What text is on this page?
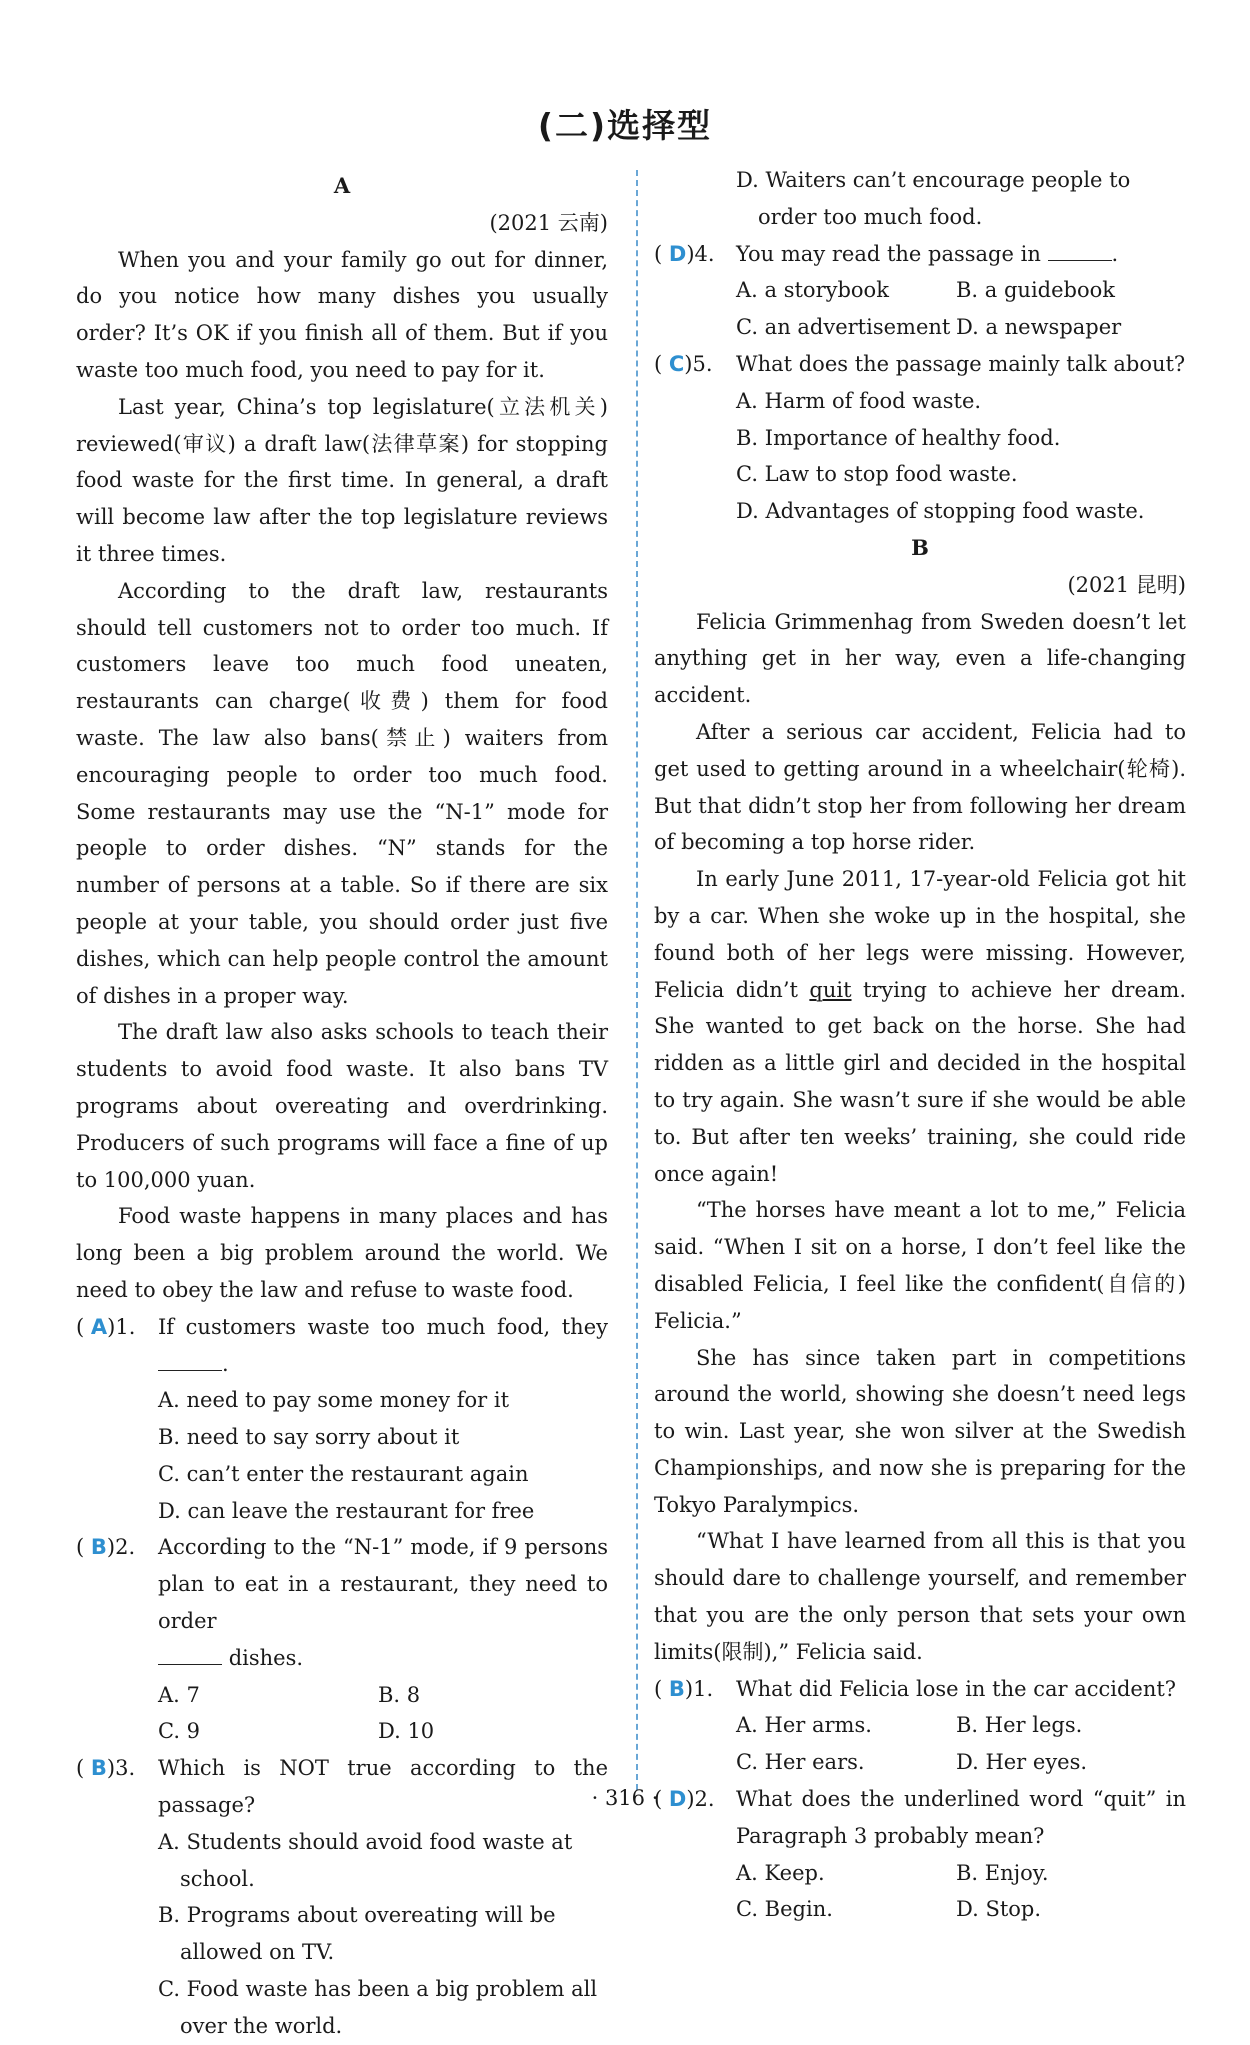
(二)选择型
A
(2021 云南)

When you and your family go out for dinner, do you notice how many dishes you usually order? It’s OK if you finish all of them. But if you waste too much food, you need to pay for it.

Last year, China’s top legislature(立法机关) reviewed(审议) a draft law(法律草案) for stopping food waste for the first time. In general, a draft will become law after the top legislature reviews it three times.

According to the draft law, restaurants should tell customers not to order too much. If customers leave too much food uneaten, restaurants can charge(收费) them for food waste. The law also bans(禁止) waiters from encouraging people to order too much food. Some restaurants may use the “N-1” mode for people to order dishes. “N” stands for the number of persons at a table. So if there are six people at your table, you should order just five dishes, which can help people control the amount of dishes in a proper way.

The draft law also asks schools to teach their students to avoid food waste. It also bans TV programs about overeating and overdrinking. Producers of such programs will face a fine of up to 100,000 yuan.

Food waste happens in many places and has long been a big problem around the world. We need to obey the law and refuse to waste food.

( A)1.	If customers waste too much food, they .
A. need to pay some money for it
B. need to say sorry about it
C. can’t enter the restaurant again
D. can leave the restaurant for free
( B)2.	According to the “N-1” mode, if 9 persons plan to eat in a restaurant, they need to order
dishes.
A. 7	B. 8
C. 9	D. 10
( B)3.	Which is NOT true according to the passage?
A. Students should avoid food waste at school.
B. Programs about overeating will be allowed on TV.
C. Food waste has been a big problem all over the world.
D. Waiters can’t encourage people to order too much food.
( D)4.	You may read the passage in	.
A. a storybook	B. a guidebook
C. an advertisement D. a newspaper
( C)5.	What does the passage mainly talk about?
A. Harm of food waste.
B. Importance of healthy food.
C. Law to stop food waste.
D. Advantages of stopping food waste.
B
(2021 昆明)

Felicia Grimmenhag from Sweden doesn’t let anything get in her way, even a life-changing accident.

After a serious car accident, Felicia had to get used to getting around in a wheelchair(轮椅). But that didn’t stop her from following her dream of becoming a top horse rider.

In early June 2011, 17-year-old Felicia got hit by a car. When she woke up in the hospital, she found both of her legs were missing. However, Felicia didn’t quit trying to achieve her dream. She wanted to get back on the horse. She had ridden as a little girl and decided in the hospital to try again. She wasn’t sure if she would be able to. But after ten weeks’ training, she could ride once again!

“The horses have meant a lot to me,” Felicia said. “When I sit on a horse, I don’t feel like the disabled Felicia, I feel like the confident(自信的) Felicia.”

She has since taken part in competitions around the world, showing she doesn’t need legs to win. Last year, she won silver at the Swedish Championships, and now she is preparing for the Tokyo Paralympics.

“What I have learned from all this is that you should dare to challenge yourself, and remember that you are the only person that sets your own limits(限制),” Felicia said.

( B)1.	What did Felicia lose in the car accident?
A. Her arms.	B. Her legs.
C. Her ears.	D. Her eyes.
( D)2.	What does the underlined word “quit” in Paragraph 3 probably mean?
A. Keep.	B. Enjoy.
C. Begin.	D. Stop.
· 316 ·
